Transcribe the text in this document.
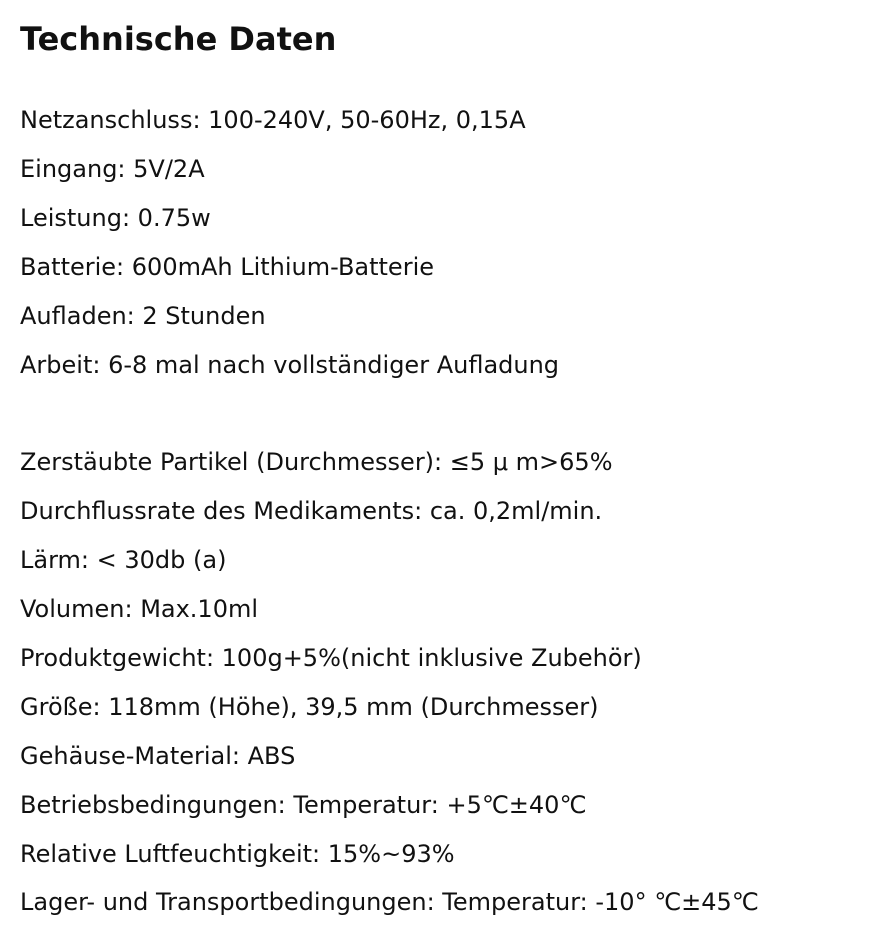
Technische Daten
Netzanschluss: 100-240V, 50-60Hz, 0,15A
Eingang: 5V/2A
Leistung: 0.75w
Batterie: 600mAh Lithium-Batterie
Aufladen: 2 Stunden
Arbeit: 6-8 mal nach vollständiger Aufladung
Zerstäubte Partikel (Durchmesser): ≤5 μ m>65%
Durchflussrate des Medikaments: ca. 0,2ml/min.
Lärm: < 30db (a)
Volumen: Max.10ml
Produktgewicht: 100g+5%(nicht inklusive Zubehör)
Größe: 118mm (Höhe), 39,5 mm (Durchmesser)
Gehäuse-Material: ABS
Betriebsbedingungen: Temperatur: +5℃±40℃
Relative Luftfeuchtigkeit: 15%~93%
Lager- und Transportbedingungen: Temperatur: -10° ℃±45℃
